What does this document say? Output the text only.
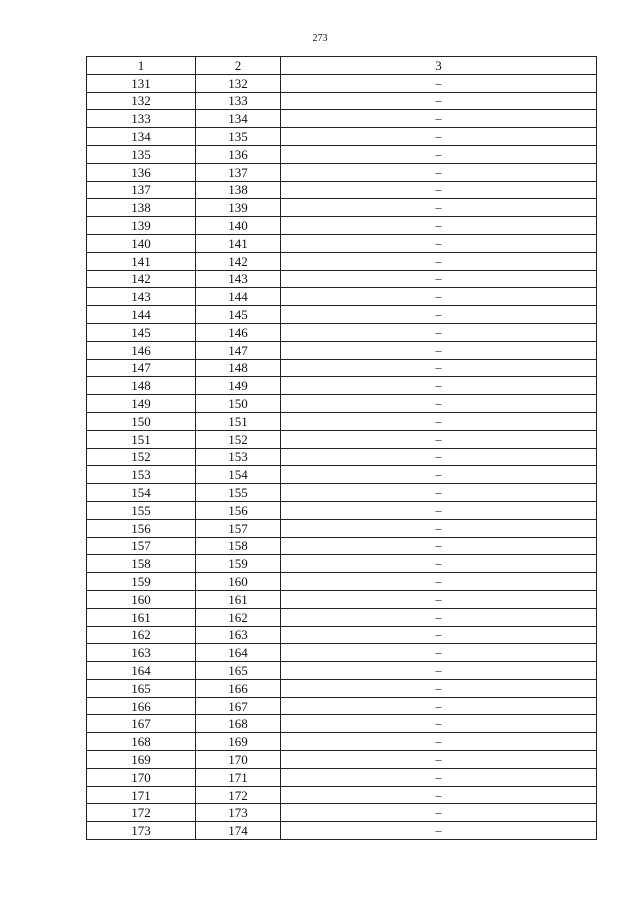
273
1	2	3
131	132	–
132	133	–
133	134	–
134	135	–
135	136	–
136	137	–
137	138	–
138	139	–
139	140	–
140	141	–
141	142	–
142	143	–
143	144	–
144	145	–
145	146	–
146	147	–
147	148	–
148	149	–
149	150	–
150	151	–
151	152	–
152	153	–
153	154	–
154	155	–
155	156	–
156	157	–
157	158	–
158	159	–
159	160	–
160	161	–
161	162	–
162	163	–
163	164	–
164	165	–
165	166	–
166	167	–
167	168	–
168	169	–
169	170	–
170	171	–
171	172	–
172	173	–
173	174	–
